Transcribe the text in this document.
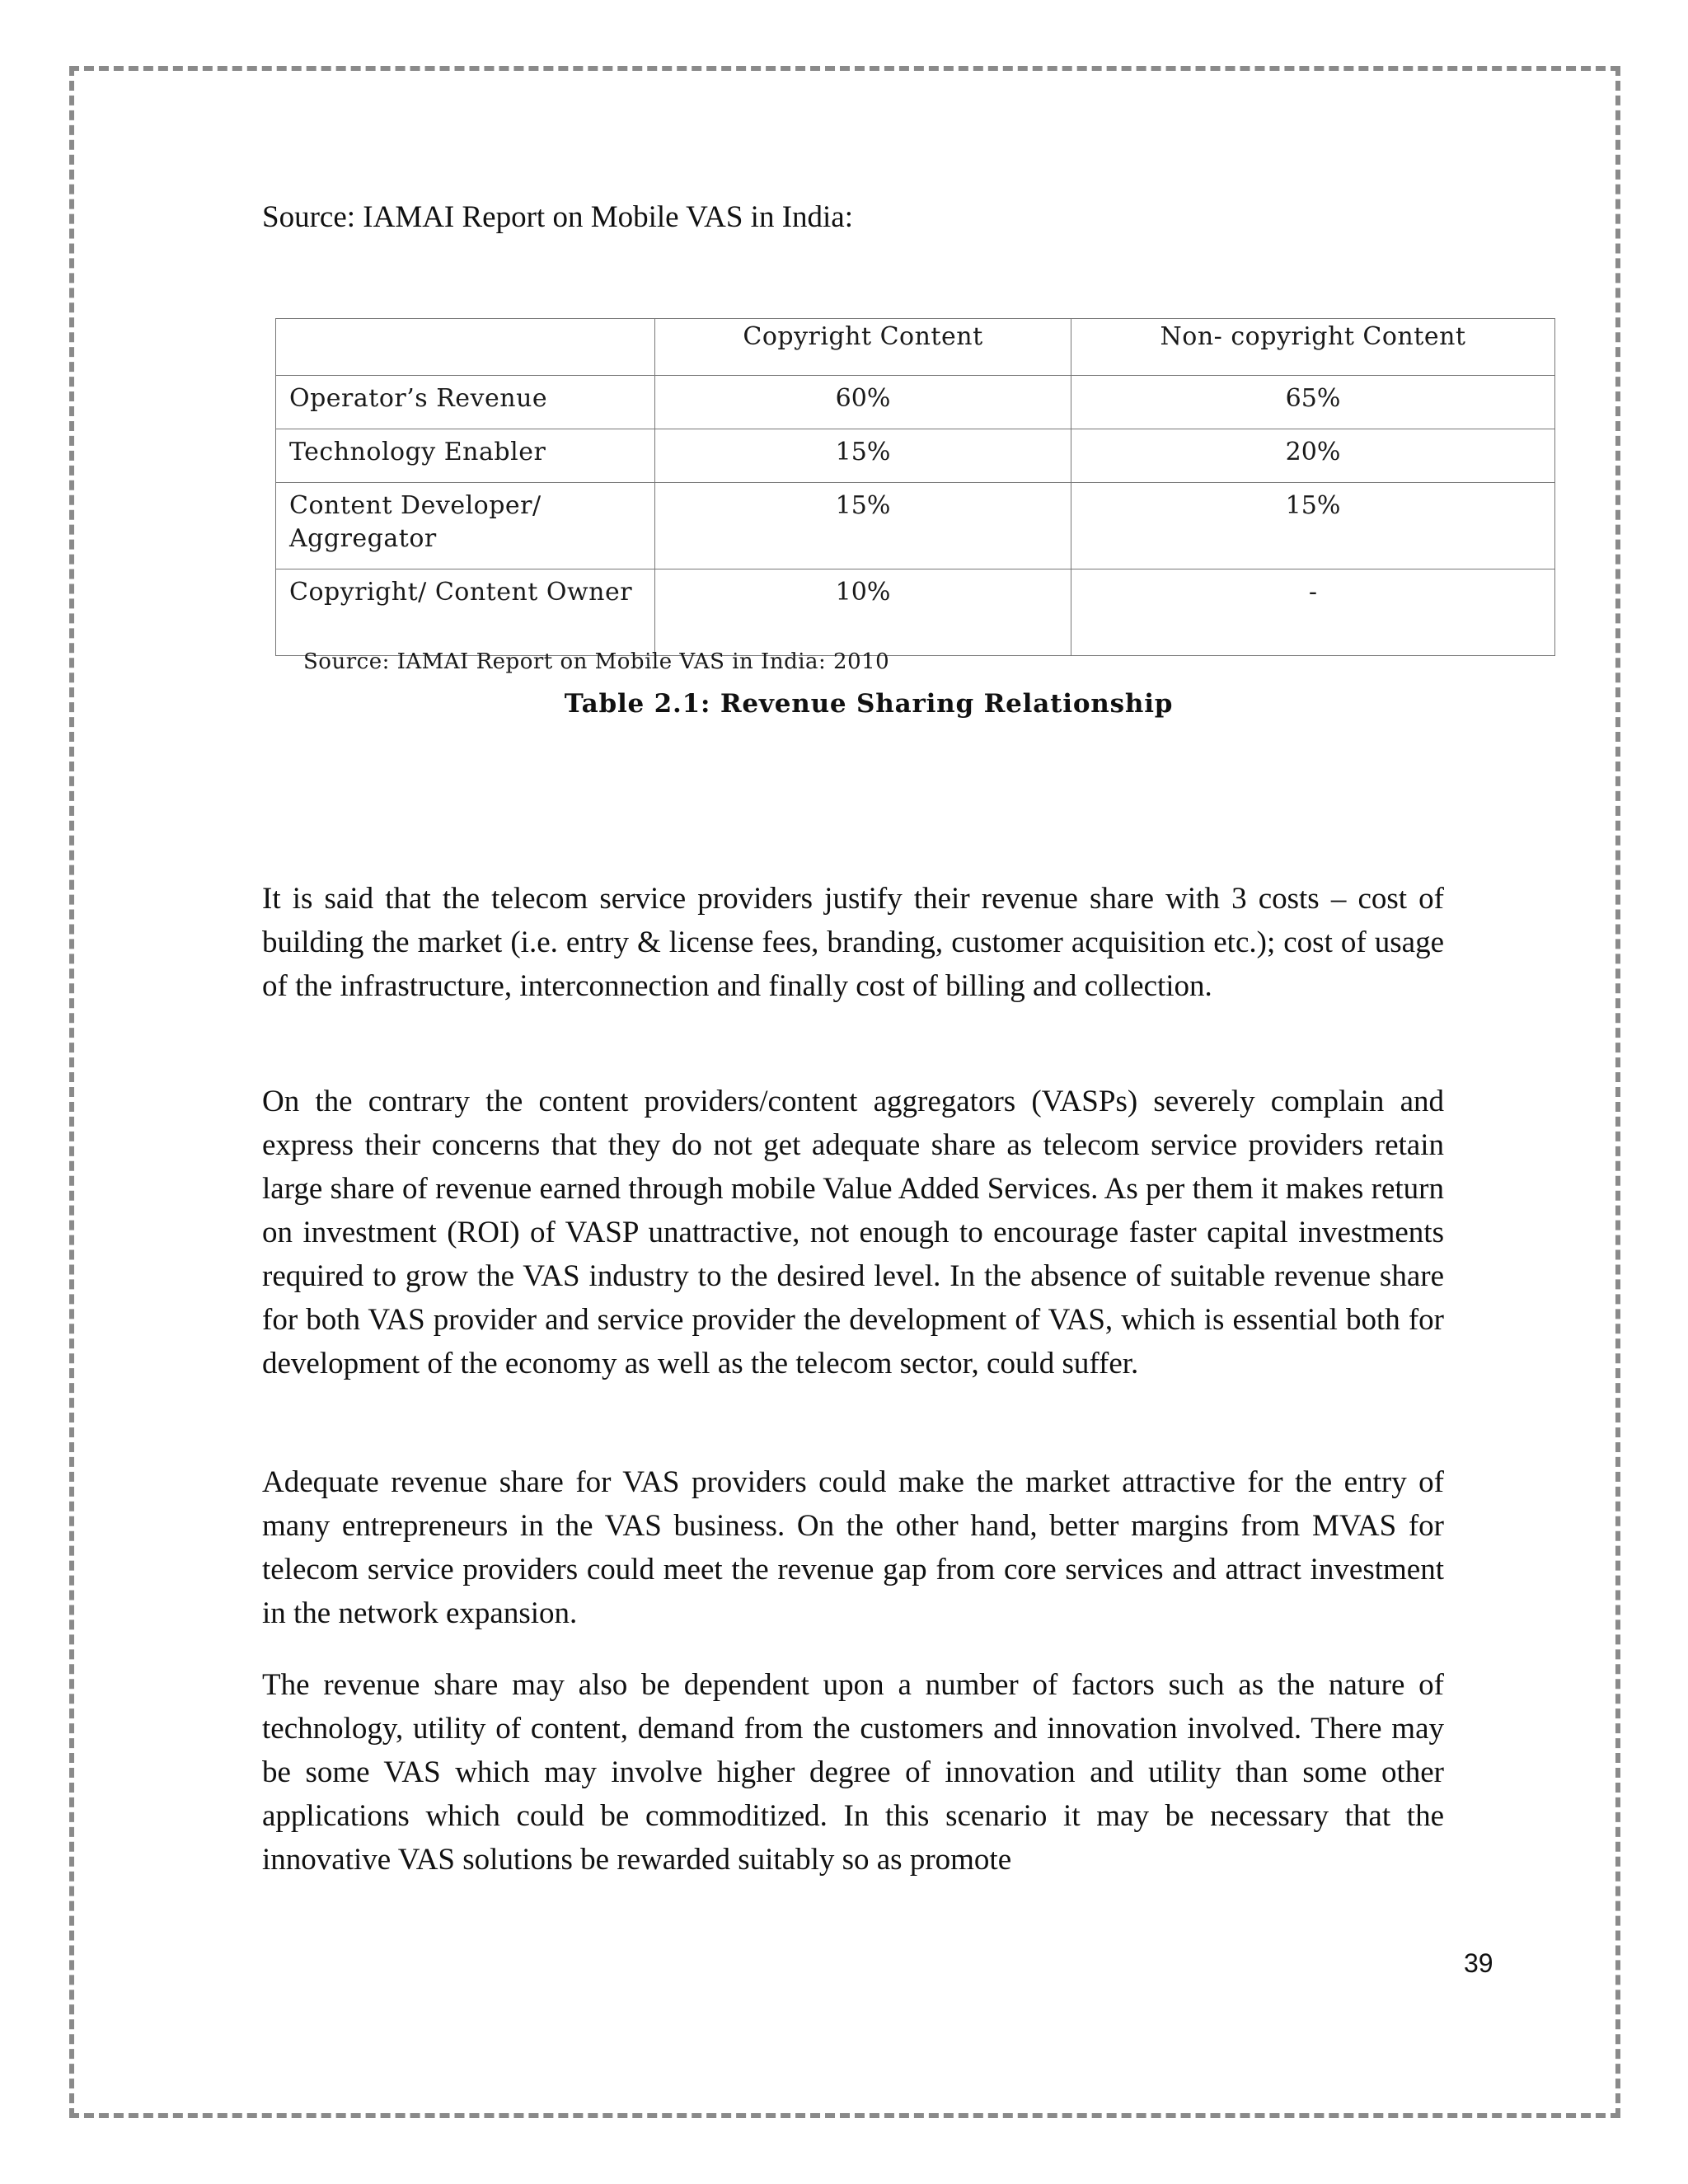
Source: IAMAI Report on Mobile VAS in India:
	Copyright Content	Non- copyright Content
Operator’s Revenue	60%	65%
Technology Enabler	15%	20%
Content Developer/ Aggregator	15%	15%
Copyright/ Content Owner	10%	-
Source: IAMAI Report on Mobile VAS in India: 2010
Table 2.1: Revenue Sharing Relationship

It is said that the telecom service providers justify their revenue share with 3 costs – cost of building the market (i.e. entry & license fees, branding, customer acquisition etc.); cost of usage of the infrastructure, interconnection and finally cost of billing and collection.

On the contrary the content providers/content aggregators (VASPs) severely complain and express their concerns that they do not get adequate share as telecom service providers retain large share of revenue earned through mobile Value Added Services. As per them it makes return on investment (ROI) of VASP unattractive, not enough to encourage faster capital investments required to grow the VAS industry to the desired level. In the absence of suitable revenue share for both VAS provider and service provider the development of VAS, which is essential both for development of the economy as well as the telecom sector, could suffer.

Adequate revenue share for VAS providers could make the market attractive for the entry of many entrepreneurs in the VAS business. On the other hand, better margins from MVAS for telecom service providers could meet the revenue gap from core services and attract investment in the network expansion.

The revenue share may also be dependent upon a number of factors such as the nature of technology, utility of content, demand from the customers and innovation involved. There may be some VAS which may involve higher degree of innovation and utility than some other applications which could be commoditized. In this scenario it may be necessary that the innovative VAS solutions be rewarded suitably so as promote

39
